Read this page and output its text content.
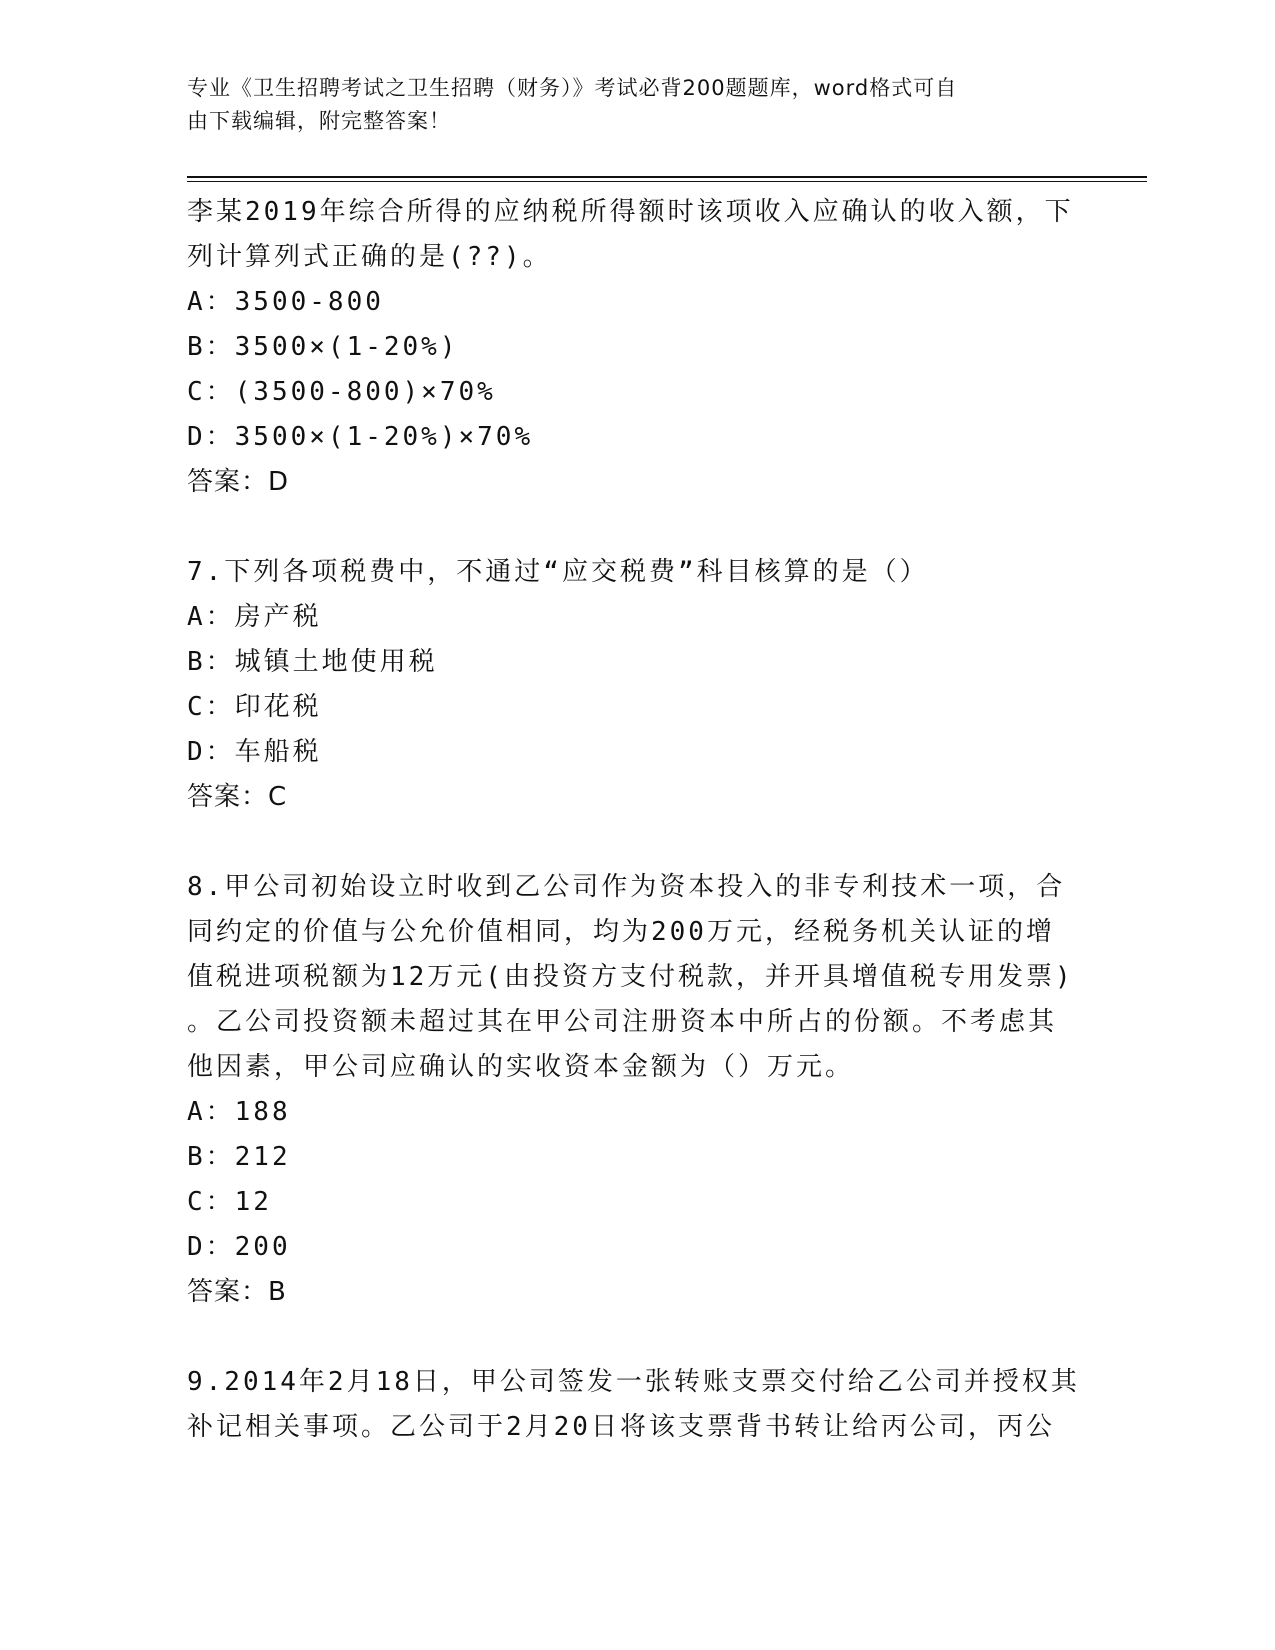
专业《卫生招聘考试之卫生招聘（财务）》考试必背200题题库，word格式可自
由下载编辑，附完整答案！
李某2019年综合所得的应纳税所得额时该项收入应确认的收入额，下
列计算列式正确的是(??)。
A：3500-800
B：3500×(1-20%)
C：(3500-800)×70%
D：3500×(1-20%)×70%
答案：D
7.下列各项税费中，不通过“应交税费”科目核算的是（）
A：房产税
B：城镇土地使用税
C：印花税
D：车船税
答案：C
8.甲公司初始设立时收到乙公司作为资本投入的非专利技术一项，合
同约定的价值与公允价值相同，均为200万元，经税务机关认证的增
值税进项税额为12万元(由投资方支付税款，并开具增值税专用发票)
。乙公司投资额未超过其在甲公司注册资本中所占的份额。不考虑其
他因素，甲公司应确认的实收资本金额为（）万元。
A：188
B：212
C：12
D：200
答案：B
9.2014年2月18日，甲公司签发一张转账支票交付给乙公司并授权其
补记相关事项。乙公司于2月20日将该支票背书转让给丙公司，丙公
